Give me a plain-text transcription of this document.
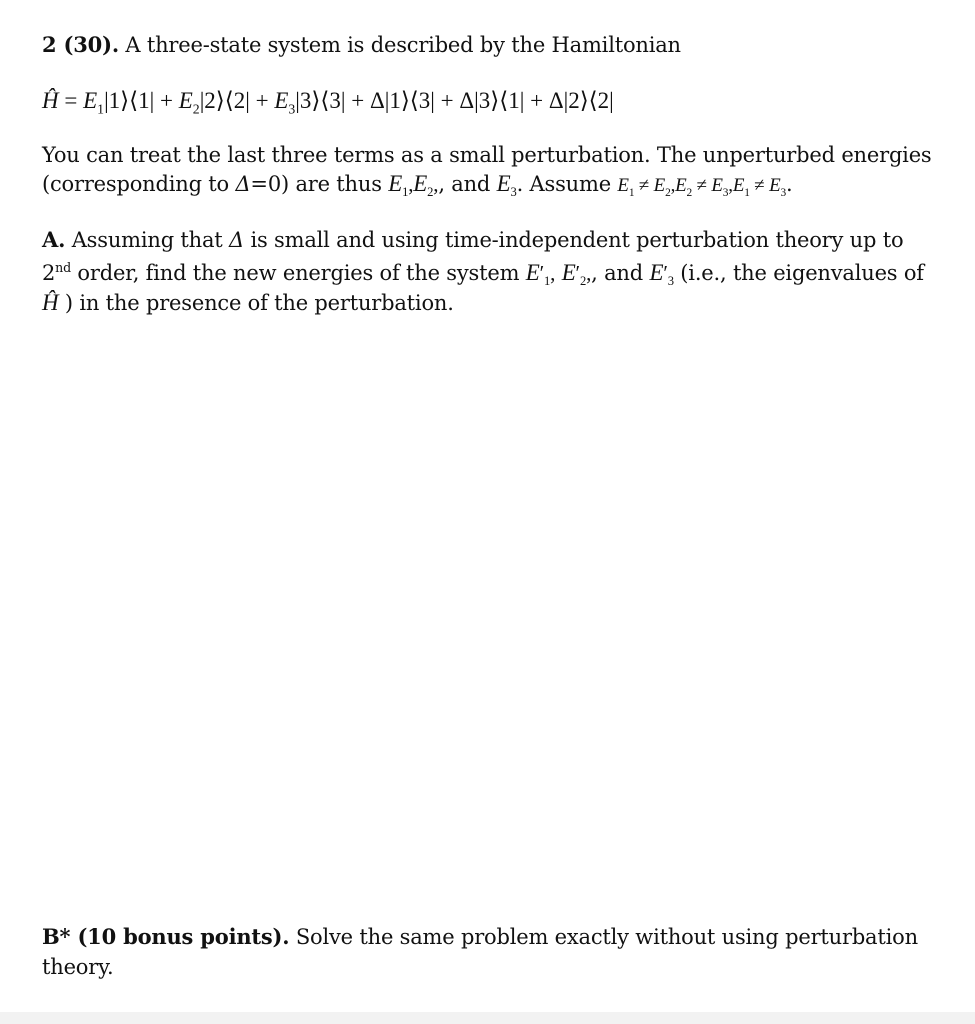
2 (30). A three-state system is described by the Hamiltonian
Ĥ = $E_1|1⟩⟨1|$ + $E_2|2⟩⟨2|$ + $E_3|3⟩⟨3|$ + Δ|1⟩⟨3| + Δ|3⟩⟨1| + Δ|2⟩⟨2|
You can treat the last three terms as a small perturbation. The unperturbed energies
(corresponding to Δ=0) are thus $E_1,E_2$,, and $E_3$. Assume $E_1 \ne E_2,E_2 \ne E_3,E_1 \ne E_3$.
A. Assuming that Δ is small and using time-independent perturbation theory up to
2nd order, find the new energies of the system $E'_1$, $E'_2$,, and $E'_3$ (i.e., the eigenvalues of
Ĥ ) in the presence of the perturbation.
B* (10 bonus points). Solve the same problem exactly without using perturbation
theory.
